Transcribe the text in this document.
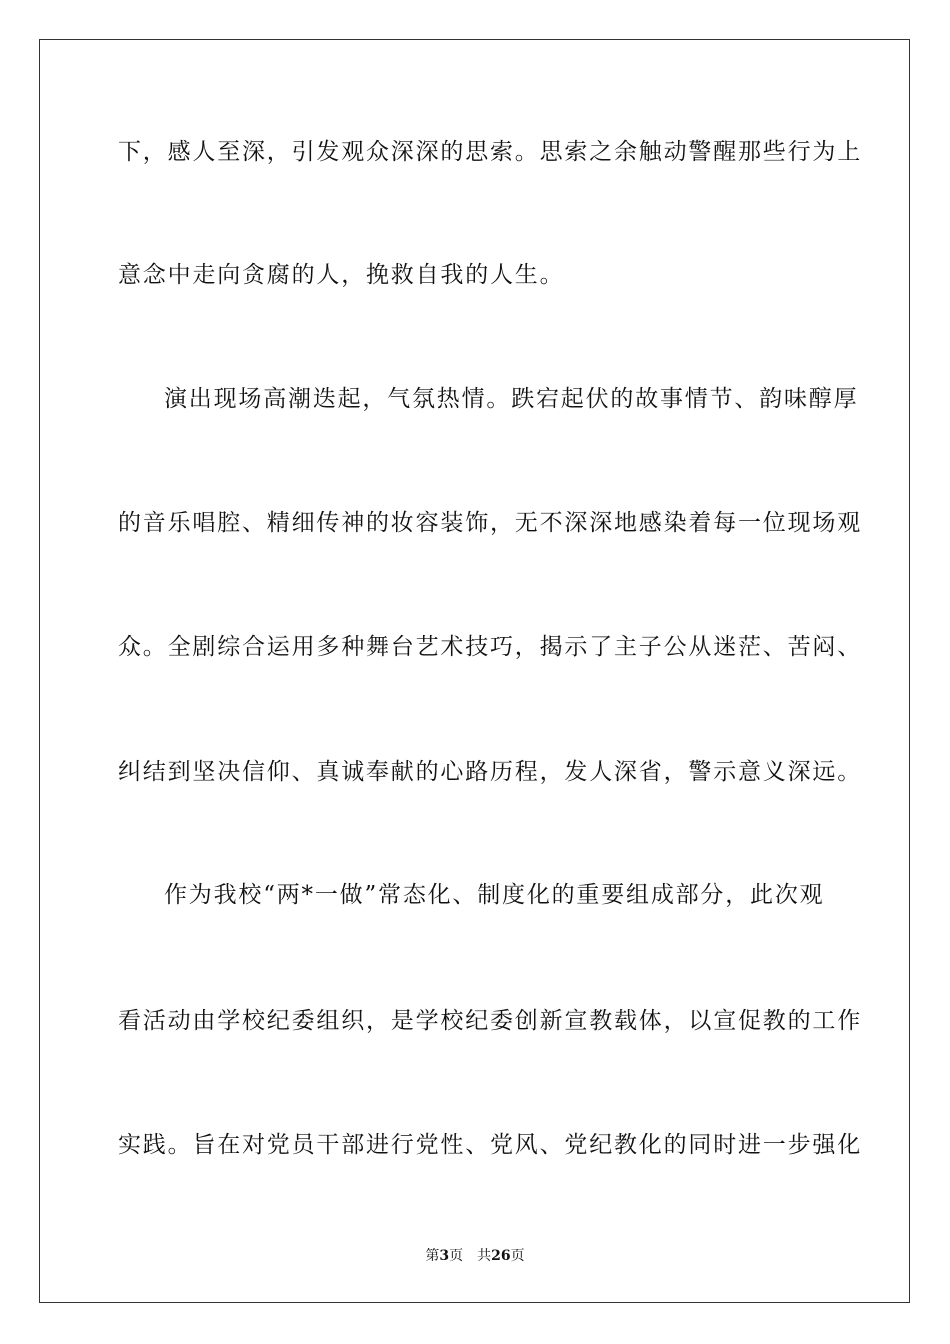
下，感人至深，引发观众深深的思索。思索之余触动警醒那些行为上
意念中走向贪腐的人，挽救自我的人生。
演出现场高潮迭起，气氛热情。跌宕起伏的故事情节、韵味醇厚
的音乐唱腔、精细传神的妆容装饰，无不深深地感染着每一位现场观
众。全剧综合运用多种舞台艺术技巧，揭示了主子公从迷茫、苦闷、
纠结到坚决信仰、真诚奉献的心路历程，发人深省，警示意义深远。
作为我校“两*一做”常态化、制度化的重要组成部分，此次观
看活动由学校纪委组织，是学校纪委创新宣教载体，以宣促教的工作
实践。旨在对党员干部进行党性、党风、党纪教化的同时进一步强化
第3页 共26页
